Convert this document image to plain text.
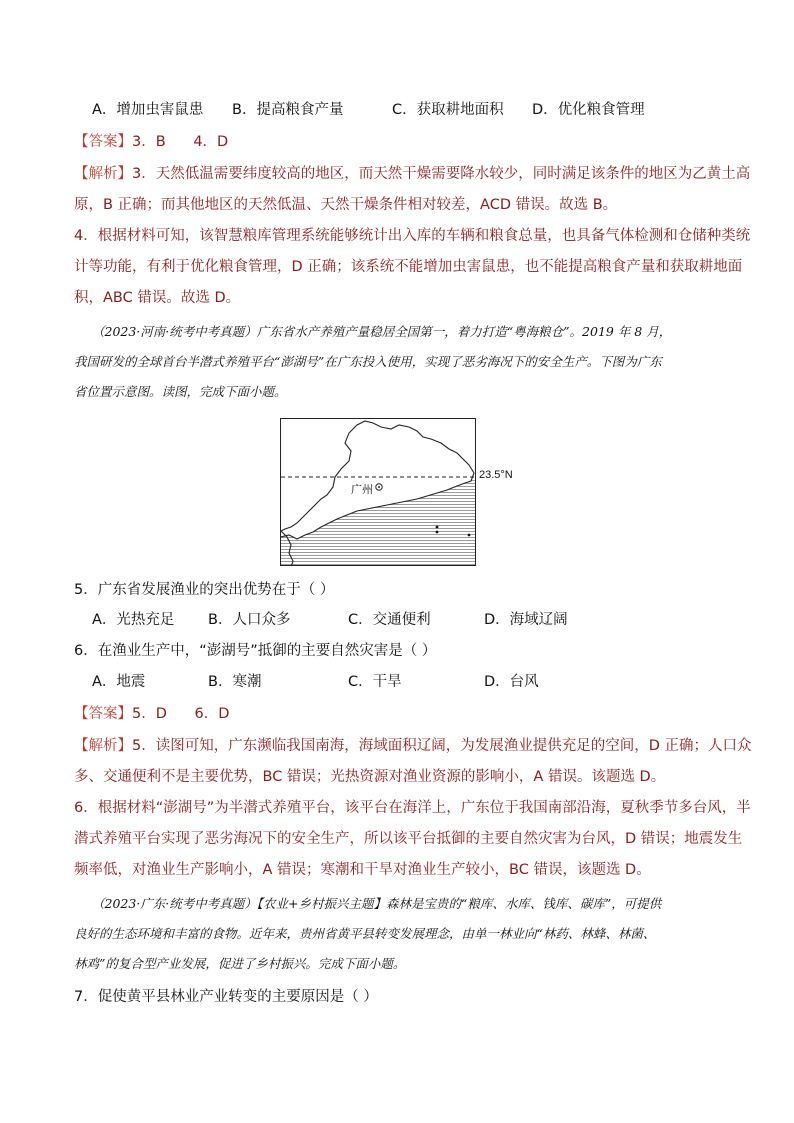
A．增加虫害鼠患 B．提高粮食产量	C．获取耕地面积 D．优化粮食管理
【答案】3．B      4．D
【解析】3．天然低温需要纬度较高的地区，而天然干燥需要降水较少，同时满足该条件的地区为乙黄土高
原，B 正确；而其他地区的天然低温、天然干燥条件相对较差，ACD 错误。故选 B。
4．根据材料可知，该智慧粮库管理系统能够统计出入库的车辆和粮食总量，也具备气体检测和仓储种类统
计等功能，有利于优化粮食管理，D 正确；该系统不能增加虫害鼠患，也不能提高粮食产量和获取耕地面
积，ABC 错误。故选 D。
（2023·河南·统考中考真题）广东省水产养殖产量稳居全国第一，着力打造“粤海粮仓”。2019 年 8 月，
我国研发的全球首台半潜式养殖平台“澎湖号”在广东投入使用，实现了恶劣海况下的安全生产。下图为广东
省位置示意图。读图，完成下面小题。
广州
23.5°N
5．广东省发展渔业的突出优势在于（ ）
A．光热充足 B．人口众多	C．交通便利	D．海域辽阔
6．在渔业生产中，“澎湖号”抵御的主要自然灾害是（ ）
A．地震	B．寒潮	C．干旱	D．台风
【答案】5．D      6．D
【解析】5．读图可知，广东濒临我国南海，海域面积辽阔，为发展渔业提供充足的空间，D 正确；人口众
多、交通便利不是主要优势，BC 错误；光热资源对渔业资源的影响小，A 错误。该题选 D。
6．根据材料“澎湖号”为半潜式养殖平台，该平台在海洋上，广东位于我国南部沿海，夏秋季节多台风，半
潜式养殖平台实现了恶劣海况下的安全生产，所以该平台抵御的主要自然灾害为台风，D 错误；地震发生
频率低，对渔业生产影响小，A 错误；寒潮和干旱对渔业生产较小，BC 错误，该题选 D。
（2023·广东·统考中考真题）【农业+乡村振兴主题】森林是宝贵的“粮库、水库、钱库、碳库”，可提供
良好的生态环境和丰富的食物。近年来，贵州省黄平县转变发展理念，由单一林业向“林药、林蜂、林菌、
林鸡”的复合型产业发展，促进了乡村振兴。完成下面小题。
7．促使黄平县林业产业转变的主要原因是（ ）
